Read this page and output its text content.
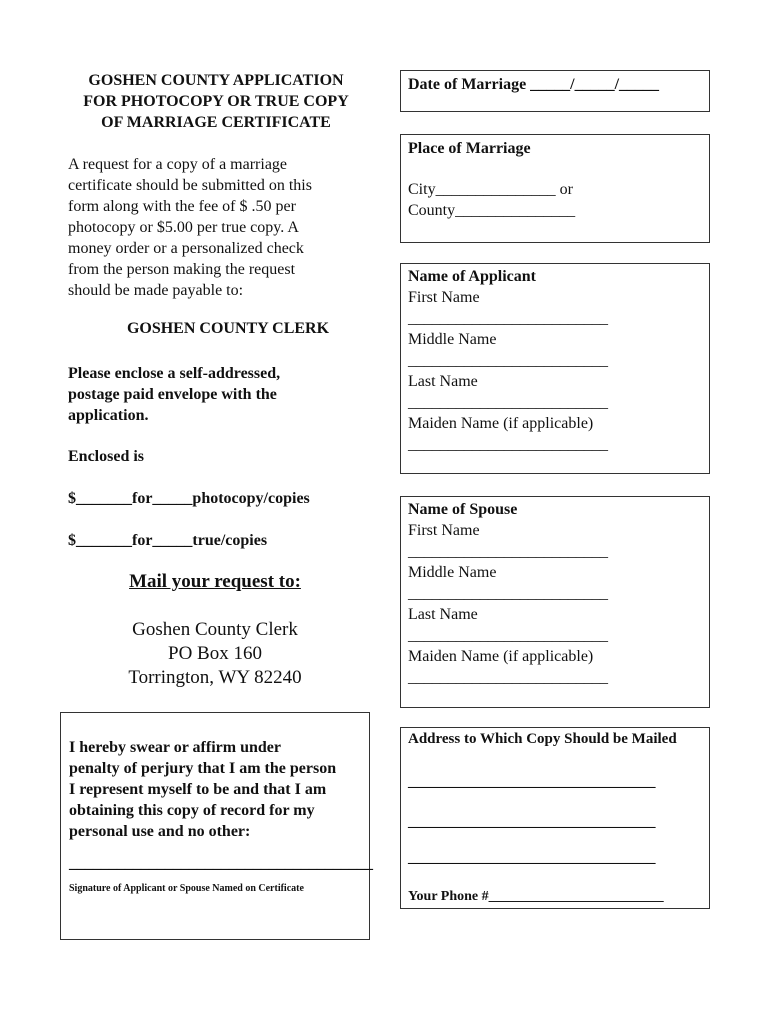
GOSHEN COUNTY APPLICATION
FOR PHOTOCOPY OR TRUE COPY
OF MARRIAGE CERTIFICATE
A request for a copy of a marriage
certificate should be submitted on this
form along with the fee of $ .50 per
photocopy or $5.00 per true copy. A
money order or a personalized check
from the person making the request
should be made payable to:
GOSHEN COUNTY CLERK
Please enclose a self-addressed,
postage paid envelope with the
application.
Enclosed is
$_______for_____photocopy/copies
$_______for_____true/copies
Mail your request to:
Goshen County Clerk
PO Box 160
Torrington, WY 82240
I hereby swear or affirm under
penalty of perjury that I am the person
I represent myself to be and that I am
obtaining this copy of record for my
personal use and no other:
______________________________________
Signature of Applicant or Spouse Named on Certificate
Date of Marriage _____/_____/_____
Place of Marriage
City_______________ or
County_______________
Name of Applicant
First Name
_________________________
Middle Name
_________________________
Last Name
_________________________
Maiden Name (if applicable)
_________________________
Name of Spouse
First Name
_________________________
Middle Name
_________________________
Last Name
_________________________
Maiden Name (if applicable)
_________________________
Address to Which Copy Should be Mailed
_________________________________
_________________________________
_________________________________
Your Phone #_________________________
